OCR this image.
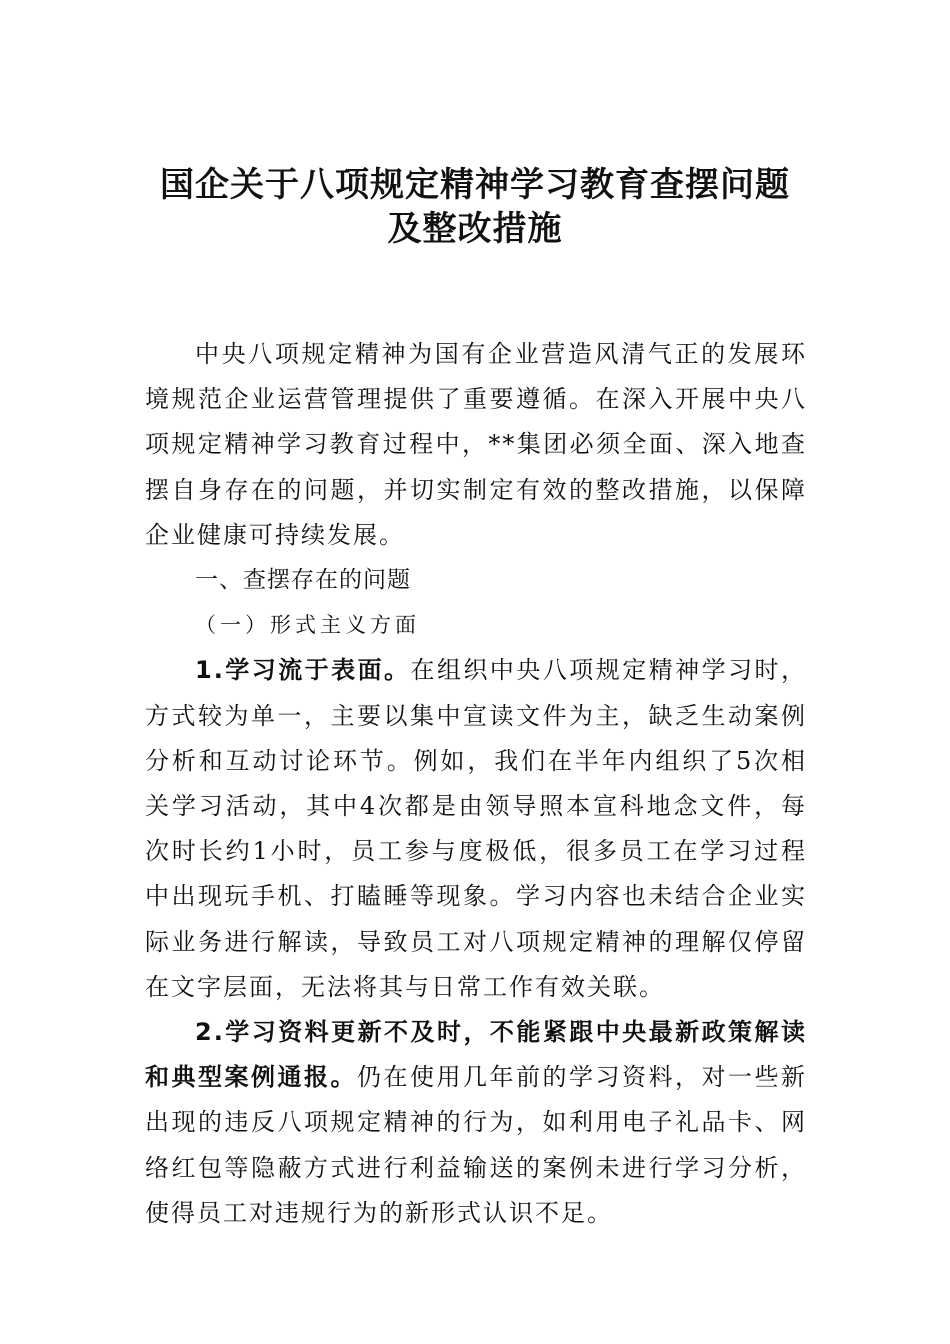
国企关于八项规定精神学习教育查摆问题
及整改措施

中央八项规定精神为国有企业营造风清气正的发展环境规范企业运营管理提供了重要遵循。在深入开展中央八项规定精神学习教育过程中，**集团必须全面、深入地查摆自身存在的问题，并切实制定有效的整改措施，以保障企业健康可持续发展。

一、查摆存在的问题

（一）形式主义方面

1.学习流于表面。在组织中央八项规定精神学习时，方式较为单一，主要以集中宣读文件为主，缺乏生动案例分析和互动讨论环节。例如，我们在半年内组织了5次相关学习活动，其中4次都是由领导照本宣科地念文件，每次时长约1小时，员工参与度极低，很多员工在学习过程中出现玩手机、打瞌睡等现象。学习内容也未结合企业实际业务进行解读，导致员工对八项规定精神的理解仅停留在文字层面，无法将其与日常工作有效关联。

2.学习资料更新不及时，不能紧跟中央最新政策解读和典型案例通报。仍在使用几年前的学习资料，对一些新出现的违反八项规定精神的行为，如利用电子礼品卡、网络红包等隐蔽方式进行利益输送的案例未进行学习分析，使得员工对违规行为的新形式认识不足。
